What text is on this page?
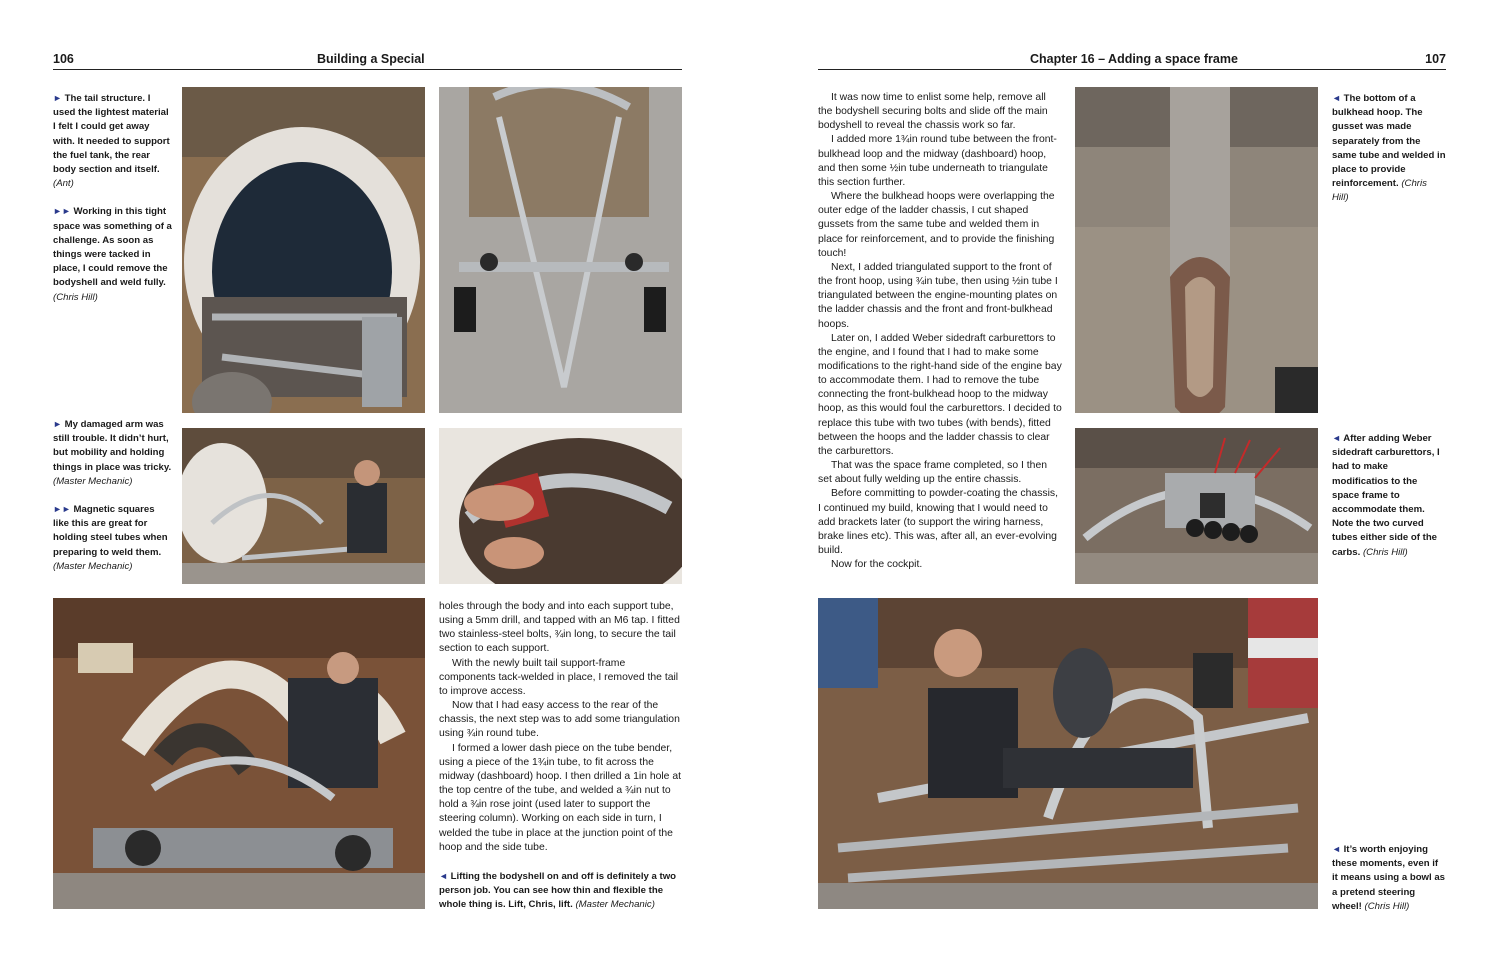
106	Building a Special	Chapter 16 – Adding a space frame	107

► The tail structure. I used the lightest material I felt I could get away with. It needed to support the fuel tank, the rear body section and itself. (Ant)

►► Working in this tight space was something of a challenge. As soon as things were tacked in place, I could remove the bodyshell and weld fully. (Chris Hill)

► My damaged arm was still trouble. It didn’t hurt, but mobility and holding things in place was tricky. (Master Mechanic)

►► Magnetic squares like this are great for holding steel tubes when preparing to weld them. (Master Mechanic)

holes through the body and into each support tube, using a 5mm drill, and tapped with an M6 tap. I fitted two stainless-steel bolts, ¾in long, to secure the tail section to each support.

With the newly built tail support-frame components tack-welded in place, I removed the tail to improve access.

Now that I had easy access to the rear of the chassis, the next step was to add some triangulation using ¾in round tube.

I formed a lower dash piece on the tube bender, using a piece of the 1¾in tube, to fit across the midway (dashboard) hoop. I then drilled a 1in hole at the top centre of the tube, and welded a ¾in nut to hold a ¾in rose joint (used later to support the steering column). Working on each side in turn, I welded the tube in place at the junction point of the hoop and the side tube.

◄ Lifting the bodyshell on and off is definitely a two person job. You can see how thin and flexible the whole thing is. Lift, Chris, lift. (Master Mechanic)

It was now time to enlist some help, remove all the bodyshell securing bolts and slide off the main bodyshell to reveal the chassis work so far.

I added more 1¾in round tube between the front-bulkhead loop and the midway (dashboard) hoop, and then some ½in tube underneath to triangulate this section further.

Where the bulkhead hoops were overlapping the outer edge of the ladder chassis, I cut shaped gussets from the same tube and welded them in place for reinforcement, and to provide the finishing touch!

Next, I added triangulated support to the front of the front hoop, using ¾in tube, then using ½in tube I triangulated between the engine-mounting plates on the ladder chassis and the front and front-bulkhead hoops.

Later on, I added Weber sidedraft carburettors to the engine, and I found that I had to make some modifications to the right-hand side of the engine bay to accommodate them. I had to remove the tube connecting the front-bulkhead hoop to the midway hoop, as this would foul the carburettors. I decided to replace this tube with two tubes (with bends), fitted between the hoops and the ladder chassis to clear the carburettors.

That was the space frame completed, so I then set about fully welding up the entire chassis.

Before committing to powder-coating the chassis, I continued my build, knowing that I would need to add brackets later (to support the wiring harness, brake lines etc). This was, after all, an ever-evolving build.

Now for the cockpit.

◄ The bottom of a bulkhead hoop. The gusset was made separately from the same tube and welded in place to provide reinforcement. (Chris Hill)

◄ After adding Weber sidedraft carburettors, I had to make modificatios to the space frame to accommodate them. Note the two curved tubes either side of the carbs. (Chris Hill)

◄ It’s worth enjoying these moments, even if it means using a bowl as a pretend steering wheel! (Chris Hill)
